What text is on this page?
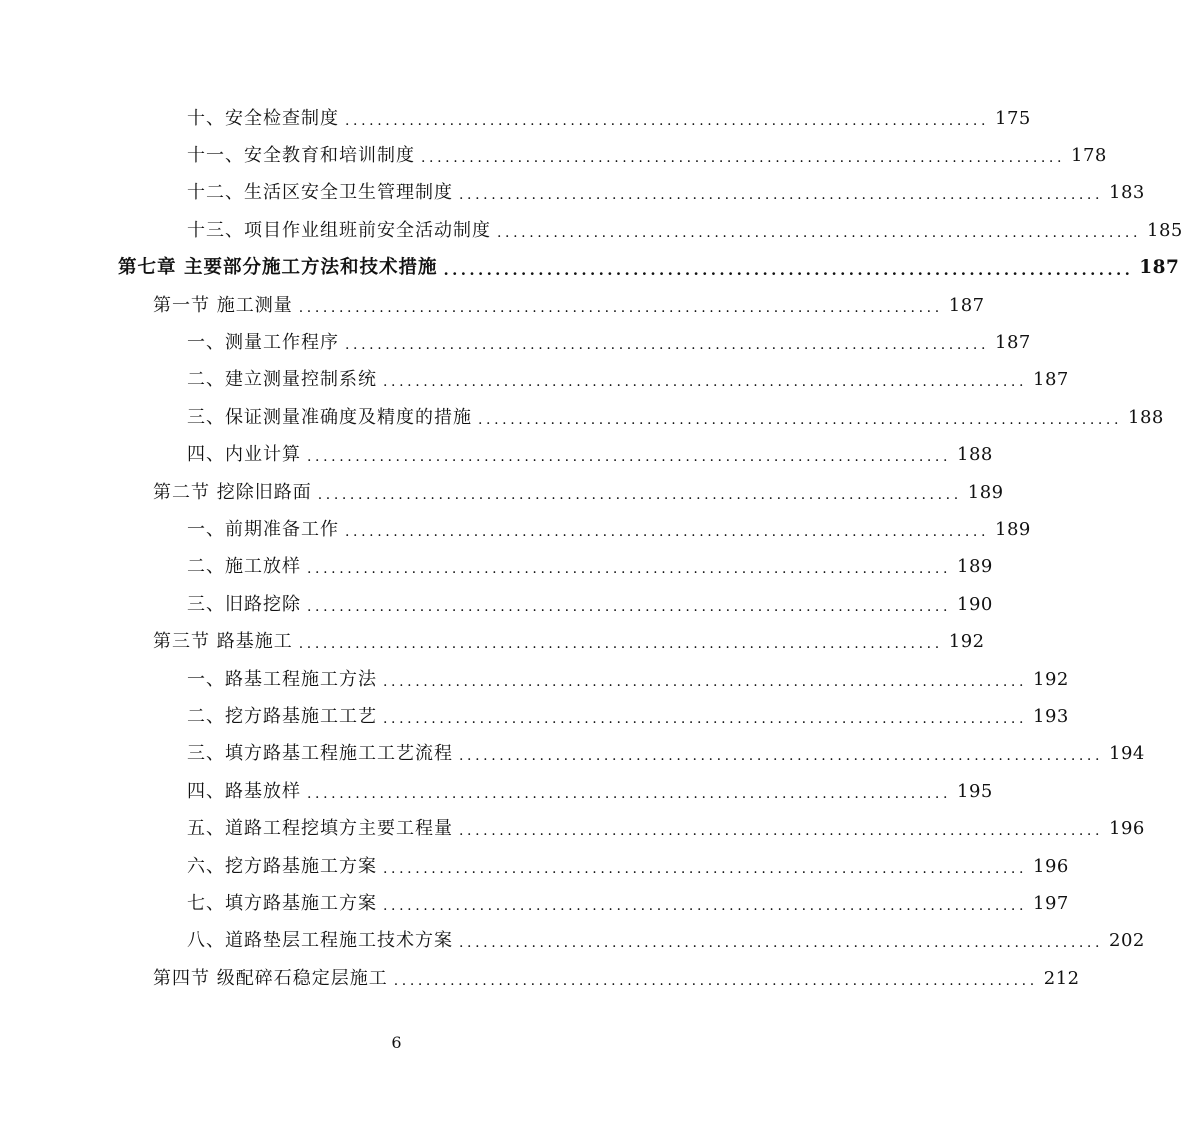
十、安全检查制度 ................................................................................ 175
十一、安全教育和培训制度 ................................................................................ 178
十二、生活区安全卫生管理制度 ................................................................................ 183
十三、项目作业组班前安全活动制度 ................................................................................ 185
第七章 主要部分施工方法和技术措施 ................................................................................ 187
第一节 施工测量 ................................................................................ 187
一、测量工作程序 ................................................................................ 187
二、建立测量控制系统 ................................................................................ 187
三、保证测量准确度及精度的措施 ................................................................................ 188
四、内业计算 ................................................................................ 188
第二节 挖除旧路面 ................................................................................ 189
一、前期准备工作 ................................................................................ 189
二、施工放样 ................................................................................ 189
三、旧路挖除 ................................................................................ 190
第三节 路基施工 ................................................................................ 192
一、路基工程施工方法 ................................................................................ 192
二、挖方路基施工工艺 ................................................................................ 193
三、填方路基工程施工工艺流程 ................................................................................ 194
四、路基放样 ................................................................................ 195
五、道路工程挖填方主要工程量 ................................................................................ 196
六、挖方路基施工方案 ................................................................................ 196
七、填方路基施工方案 ................................................................................ 197
八、道路垫层工程施工技术方案 ................................................................................ 202
第四节 级配碎石稳定层施工 ................................................................................ 212
6
